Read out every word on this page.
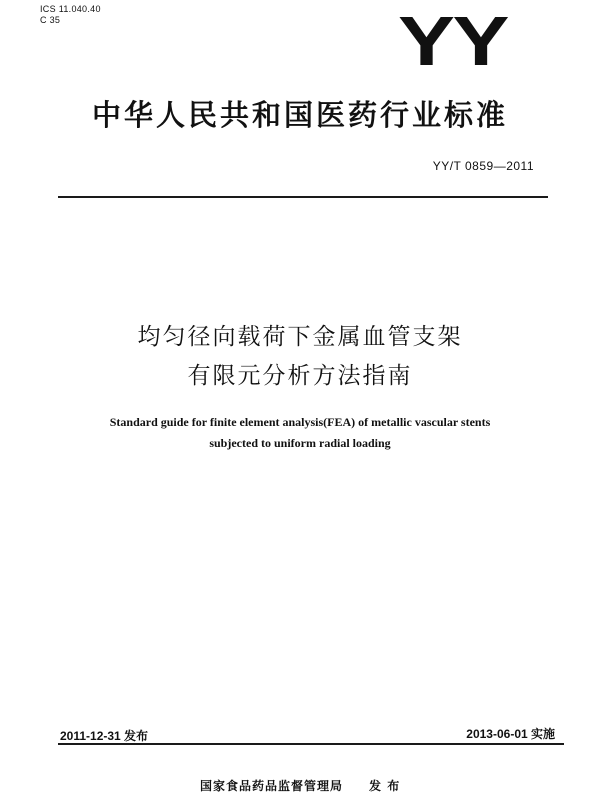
ICS 11.040.40
C 35	YY
中华人民共和国医药行业标准
YY/T 0859—2011
均匀径向载荷下金属血管支架
有限元分析方法指南
Standard guide for finite element analysis(FEA) of metallic vascular stents
subjected to uniform radial loading
2011-12-31 发布	2013-06-01 实施
国家食品药品监督管理局 发 布
